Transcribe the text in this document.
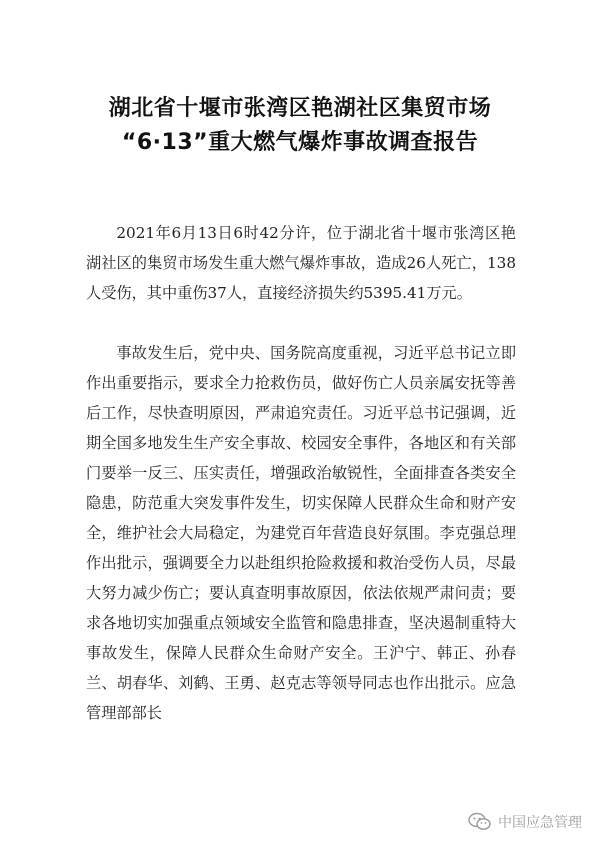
湖北省十堰市张湾区艳湖社区集贸市场
“6·13”重大燃气爆炸事故调查报告

2021年6月13日6时42分许，位于湖北省十堰市张湾区艳湖社区的集贸市场发生重大燃气爆炸事故，造成26人死亡，138人受伤，其中重伤37人，直接经济损失约5395.41万元。

事故发生后，党中央、国务院高度重视，习近平总书记立即作出重要指示，要求全力抢救伤员，做好伤亡人员亲属安抚等善后工作，尽快查明原因，严肃追究责任。习近平总书记强调，近期全国多地发生生产安全事故、校园安全事件，各地区和有关部门要举一反三、压实责任，增强政治敏锐性，全面排查各类安全隐患，防范重大突发事件发生，切实保障人民群众生命和财产安全，维护社会大局稳定，为建党百年营造良好氛围。李克强总理作出批示，强调要全力以赴组织抢险救援和救治受伤人员，尽最大努力减少伤亡；要认真查明事故原因，依法依规严肃问责；要求各地切实加强重点领域安全监管和隐患排查，坚决遏制重特大事故发生，保障人民群众生命财产安全。王沪宁、韩正、孙春兰、胡春华、刘鹤、王勇、赵克志等领导同志也作出批示。应急管理部部长

中国应急管理
